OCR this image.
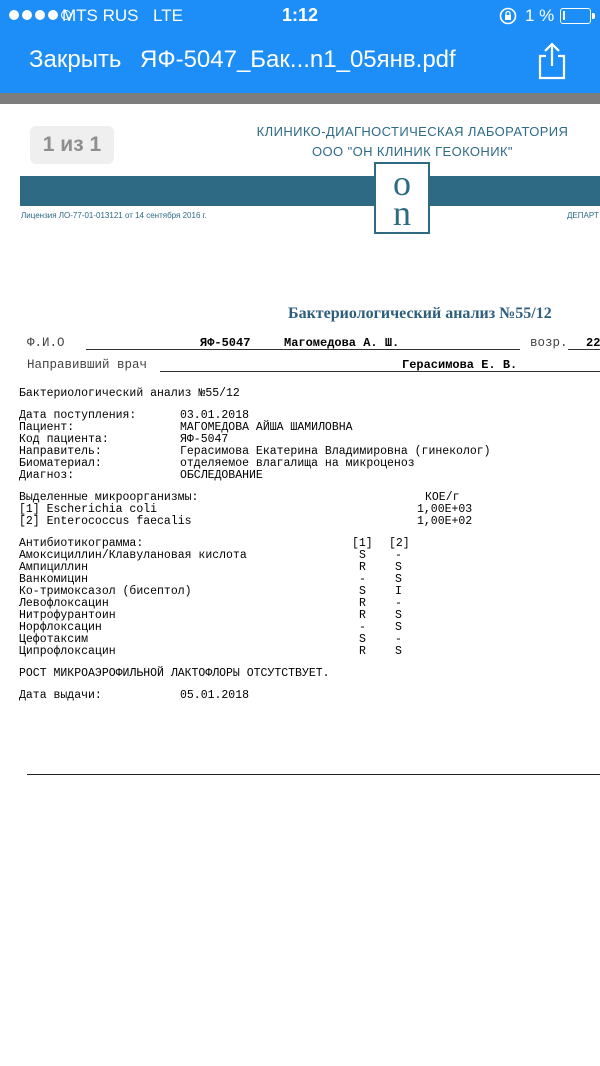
MTS RUS LTE	1:12	1 %
Закрыть ЯФ-5047_Бак...n1_05янв.pdf
1 из 1
КЛИНИКО-ДИАГНОСТИЧЕСКАЯ ЛАБОРАТОРИЯ
ООО "ОН КЛИНИК ГЕОКОНИК"
o
n
Лицензия ЛО-77-01-013121 от 14 сентября 2016 г.	ДЕПАРТ
Бактериологический анализ №55/12
Ф.И.О	ЯФ-5047	Магомедова А. Ш.	возр. 22
Направивший врач	Герасимова Е. В.
Бактериологический анализ №55/12
Дата поступления:	03.01.2018
Пациент:	МАГОМЕДОВА АЙША ШАМИЛОВНА
Код пациента:	ЯФ-5047
Направитель:	Герасимова Екатерина Владимировна (гинеколог)
Биоматериал:	отделяемое влагалища на микроценоз
Диагноз:	ОБСЛЕДОВАНИЕ
Выделенные микроорганизмы:	КОЕ/г
[1] Escherichia coli	1,00Е+03
[2] Enterococcus faecalis	1,00Е+02
Антибиотикограмма:	[1] [2]
Амоксициллин/Клавулановая кислота	S	-
Ампициллин	R	S
Ванкомицин	-	S
Ко-тримоксазол (бисептол)	S	I
Левофлоксацин	R	-
Нитрофурантоин	R	S
Норфлоксацин	-	S
Цефотаксим	S	-
Ципрофлоксацин	R	S
РОСТ МИКРОАЭРОФИЛЬНОЙ ЛАКТОФЛОРЫ ОТСУТСТВУЕТ.
Дата выдачи:	05.01.2018
